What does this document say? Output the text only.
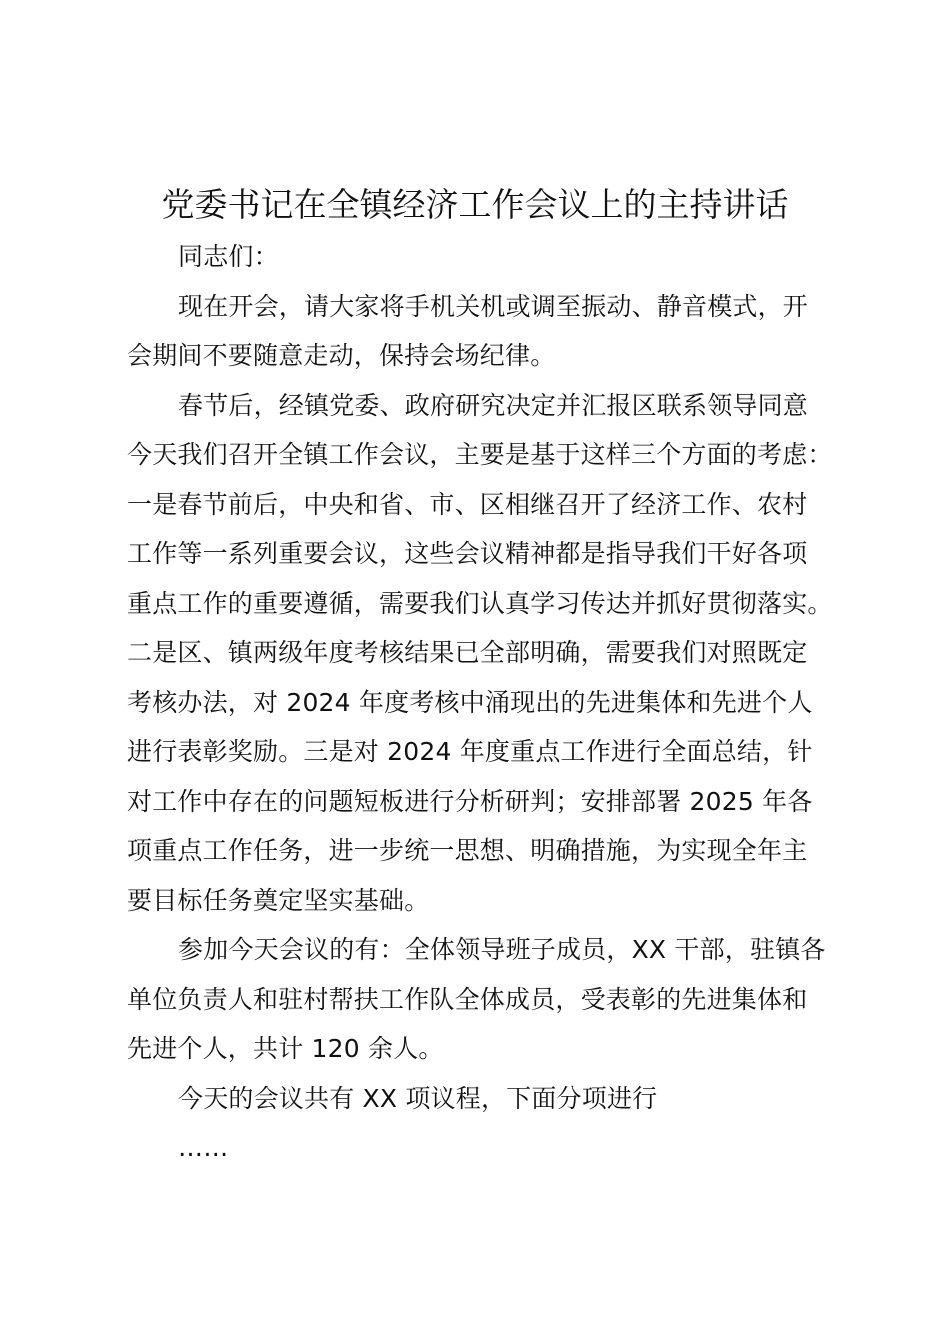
党委书记在全镇经济工作会议上的主持讲话

同志们：

现在开会，请大家将手机关机或调至振动、静音模式，开
会期间不要随意走动，保持会场纪律。

春节后，经镇党委、政府研究决定并汇报区联系领导同意
今天我们召开全镇工作会议，主要是基于这样三个方面的考虑：
一是春节前后，中央和省、市、区相继召开了经济工作、农村
工作等一系列重要会议，这些会议精神都是指导我们干好各项
重点工作的重要遵循，需要我们认真学习传达并抓好贯彻落实。
二是区、镇两级年度考核结果已全部明确，需要我们对照既定
考核办法，对 2024 年度考核中涌现出的先进集体和先进个人
进行表彰奖励。三是对 2024 年度重点工作进行全面总结，针
对工作中存在的问题短板进行分析研判；安排部署 2025 年各
项重点工作任务，进一步统一思想、明确措施，为实现全年主
要目标任务奠定坚实基础。

参加今天会议的有：全体领导班子成员，XX 干部，驻镇各
单位负责人和驻村帮扶工作队全体成员，受表彰的先进集体和
先进个人，共计 120 余人。

今天的会议共有 XX 项议程，下面分项进行

……
